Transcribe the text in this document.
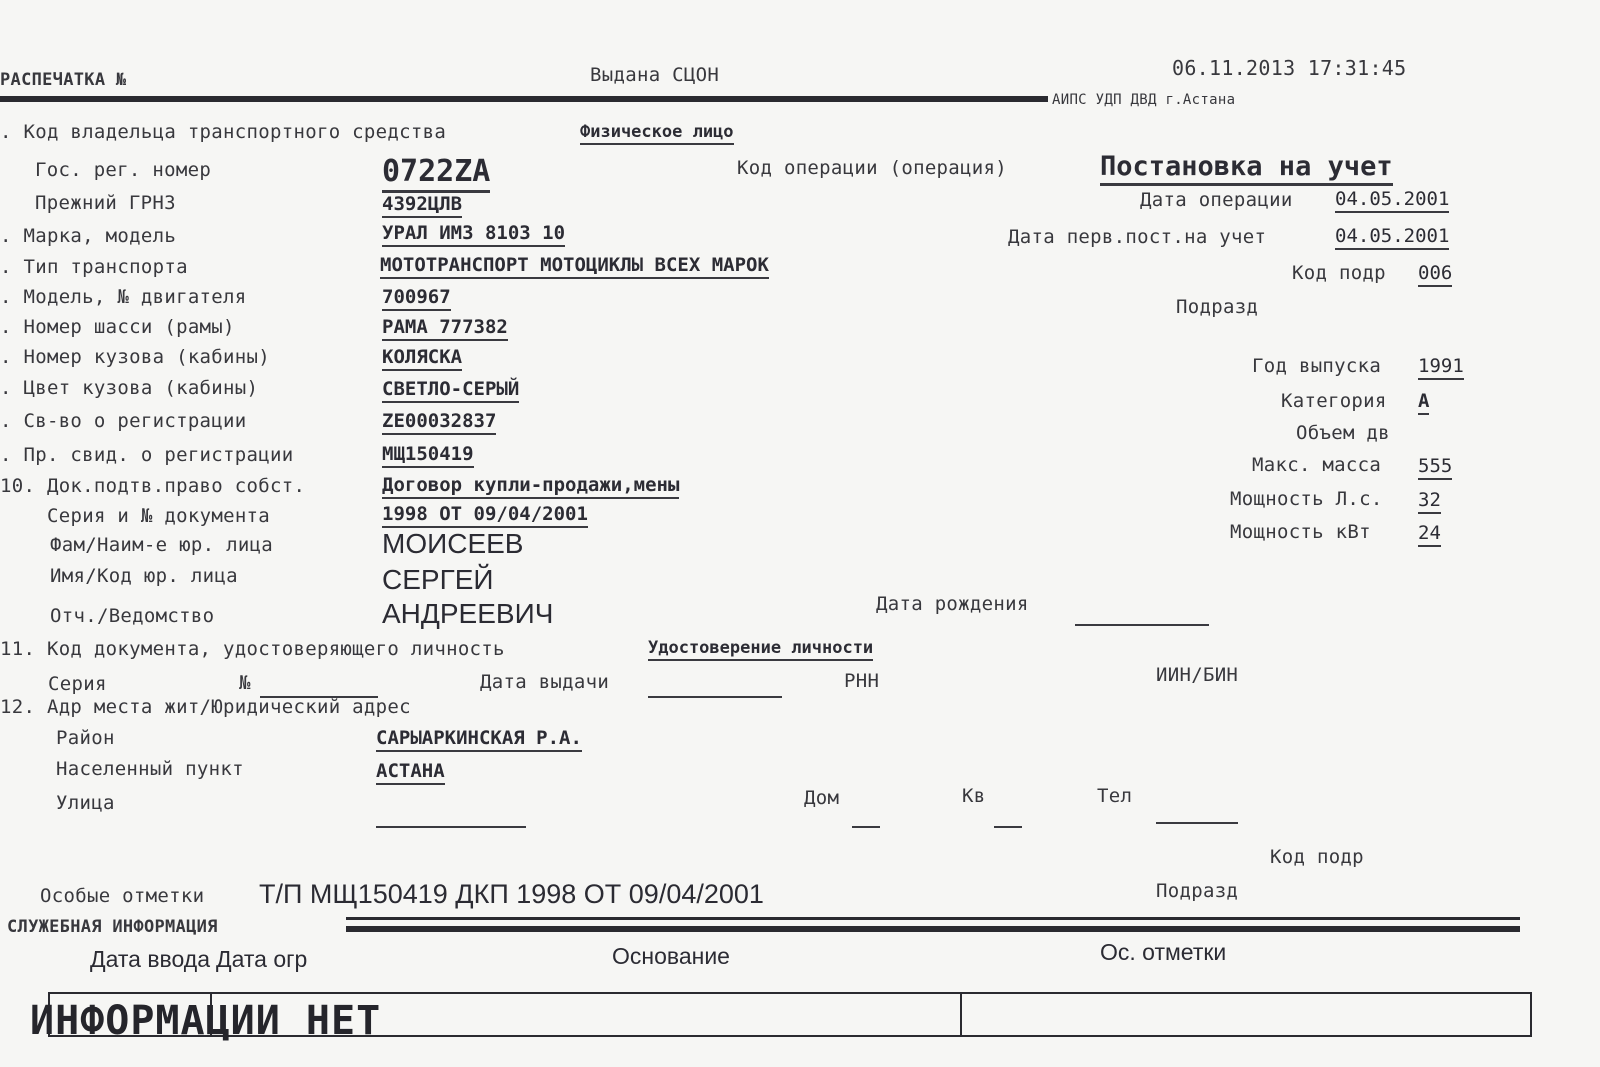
РАСПЕЧАТКА №	Выдана СЦОН	06.11.2013 17:31:45
АИПС УДП ДВД г.Астана
. Код владельца транспортного средства	Физическое лицо
Гос. рег. номер	0722ZA
Прежний ГРНЗ	4392ЦЛВ
. Марка, модель	УРАЛ ИМЗ 8103 10
. Тип транспорта	МОТОТРАНСПОРТ МОТОЦИКЛЫ ВСЕХ МАРОК
. Модель, № двигателя	700967
. Номер шасси (рамы)	РАМА 777382
. Номер кузова (кабины)	КОЛЯСКА
. Цвет кузова (кабины)	СВЕТЛО-СЕРЫЙ
. Св-во о регистрации	ZE00032837
. Пр. свид. о регистрации	МЩ150419
10. Док.подтв.право собст.	Договор купли-продажи,мены
Серия и № документа	1998 ОТ 09/04/2001
Фам/Наим-е юр. лица	МОИСЕЕВ
Имя/Код юр. лица	СЕРГЕЙ
Отч./Ведомство	АНДРЕЕВИЧ	Дата рождения
Код операции (операция)	Постановка на учет
Дата операции 04.05.2001
Дата перв.пост.на учет	04.05.2001
Код подр 006
Подразд
Год выпуска 1991
Категория A
Объем дв
Макс. масса 555
Мощность Л.с. 32
Мощность кВт 24
11. Код документа, удостоверяющего личность	Удостоверение личности
Серия	№	Дата выдачи	РНН	ИИН/БИН
12. Адр места жит/Юридический адрес
Район	САРЫАРКИНСКАЯ Р.А.
Населенный пункт	АСТАНА
Улица	Дом	Кв	Тел
Код подр
Подразд
Особые отметки Т/П МЩ150419 ДКП 1998 ОТ 09/04/2001
СЛУЖЕБНАЯ ИНФОРМАЦИЯ
Дата ввода Дата огр	Основание	Ос. отметки
ИНФОРМАЦИИ НЕТ
